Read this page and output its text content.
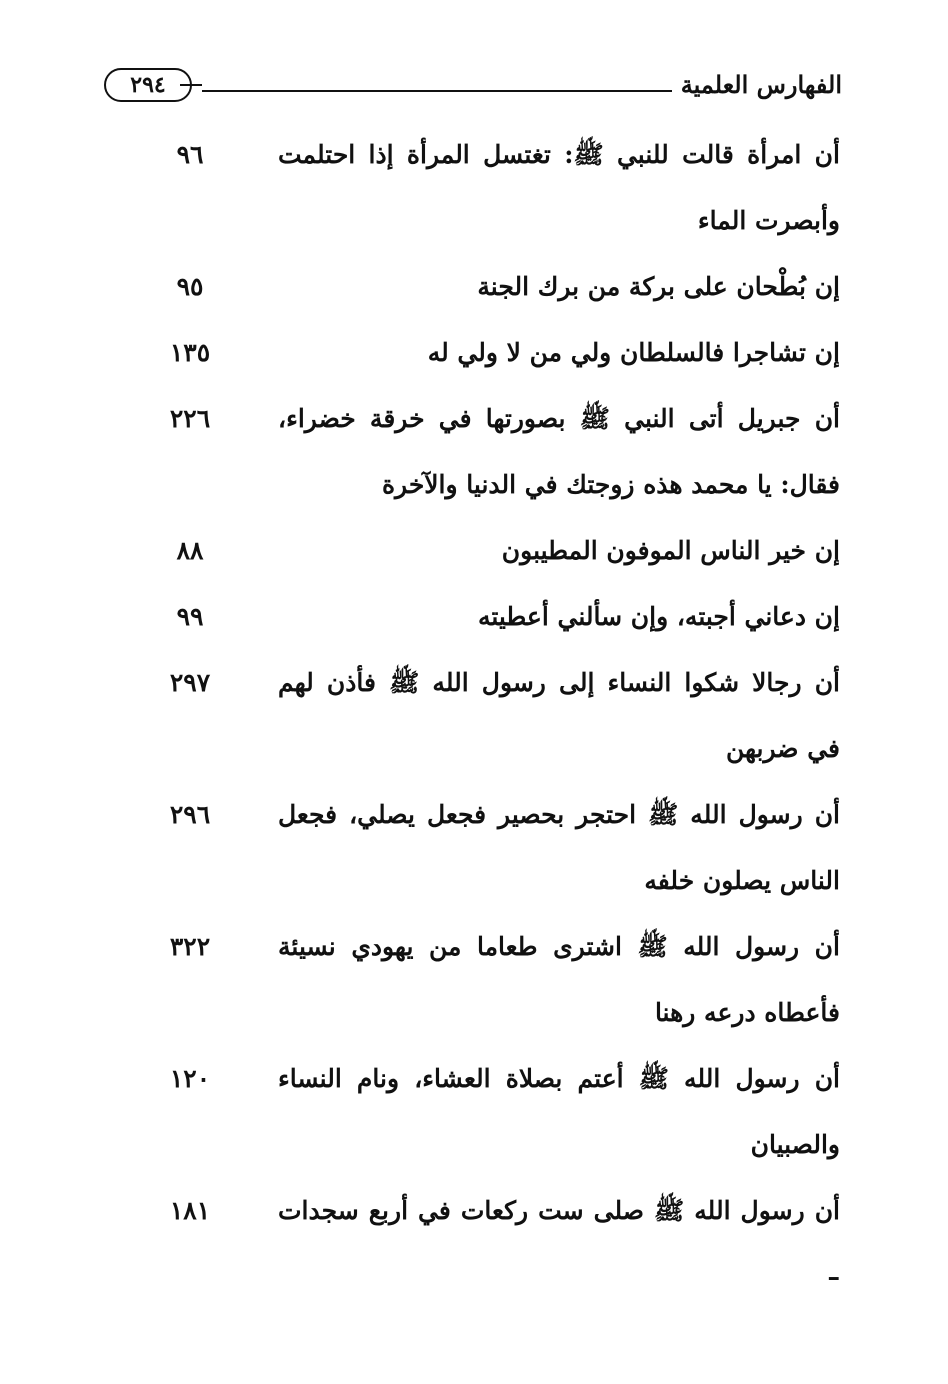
الفهارس العلمية
٢٩٤
أن امرأة قالت للنبي ﷺ: تغتسل المرأة إذا احتلمت وأبصرت الماء
٩٦
إن بُطْحان على بركة من برك الجنة
٩٥
إن تشاجرا فالسلطان ولي من لا ولي له
١٣٥
أن جبريل أتى النبي ﷺ بصورتها في خرقة خضراء، فقال: يا محمد هذه زوجتك في الدنيا والآخرة
٢٢٦
إن خير الناس الموفون المطيبون
٨٨
إن دعاني أجبته، وإن سألني أعطيته
٩٩
أن رجالا شكوا النساء إلى رسول الله ﷺ فأذن لهم في ضربهن
٢٩٧
أن رسول الله ﷺ احتجر بحصير فجعل يصلي، فجعل الناس يصلون خلفه
٢٩٦
أن رسول الله ﷺ اشترى طعاما من يهودي نسيئة فأعطاه درعه رهنا
٣٢٢
أن رسول الله ﷺ أعتم بصلاة العشاء، ونام النساء والصبيان
١٢٠
أن رسول الله ﷺ صلى ست ركعات في أربع سجدات –
١٨١
